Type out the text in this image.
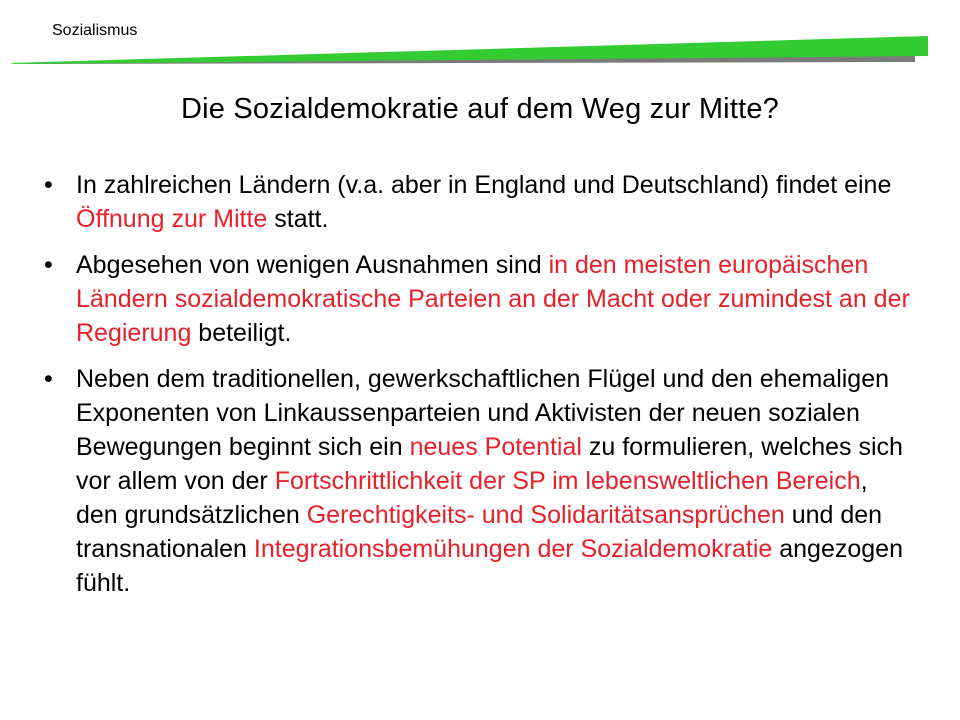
Sozialismus
Die Sozialdemokratie auf dem Weg zur Mitte?
• In zahlreichen Ländern (v.a. aber in England und Deutschland) findet eine Öffnung zur Mitte statt.
• Abgesehen von wenigen Ausnahmen sind in den meisten europäischen Ländern sozialdemokratische Parteien an der Macht oder zumindest an der Regierung beteiligt.
• Neben dem traditionellen, gewerkschaftlichen Flügel und den ehemaligen Exponenten von Linkaussenparteien und Aktivisten der neuen sozialen Bewegungen beginnt sich ein neues Potential zu formulieren, welches sich vor allem von der Fortschrittlichkeit der SP im lebensweltlichen Bereich, den grundsätzlichen Gerechtigkeits- und Solidaritätsansprüchen und den transnationalen Integrationsbemühungen der Sozialdemokratie angezogen fühlt.
